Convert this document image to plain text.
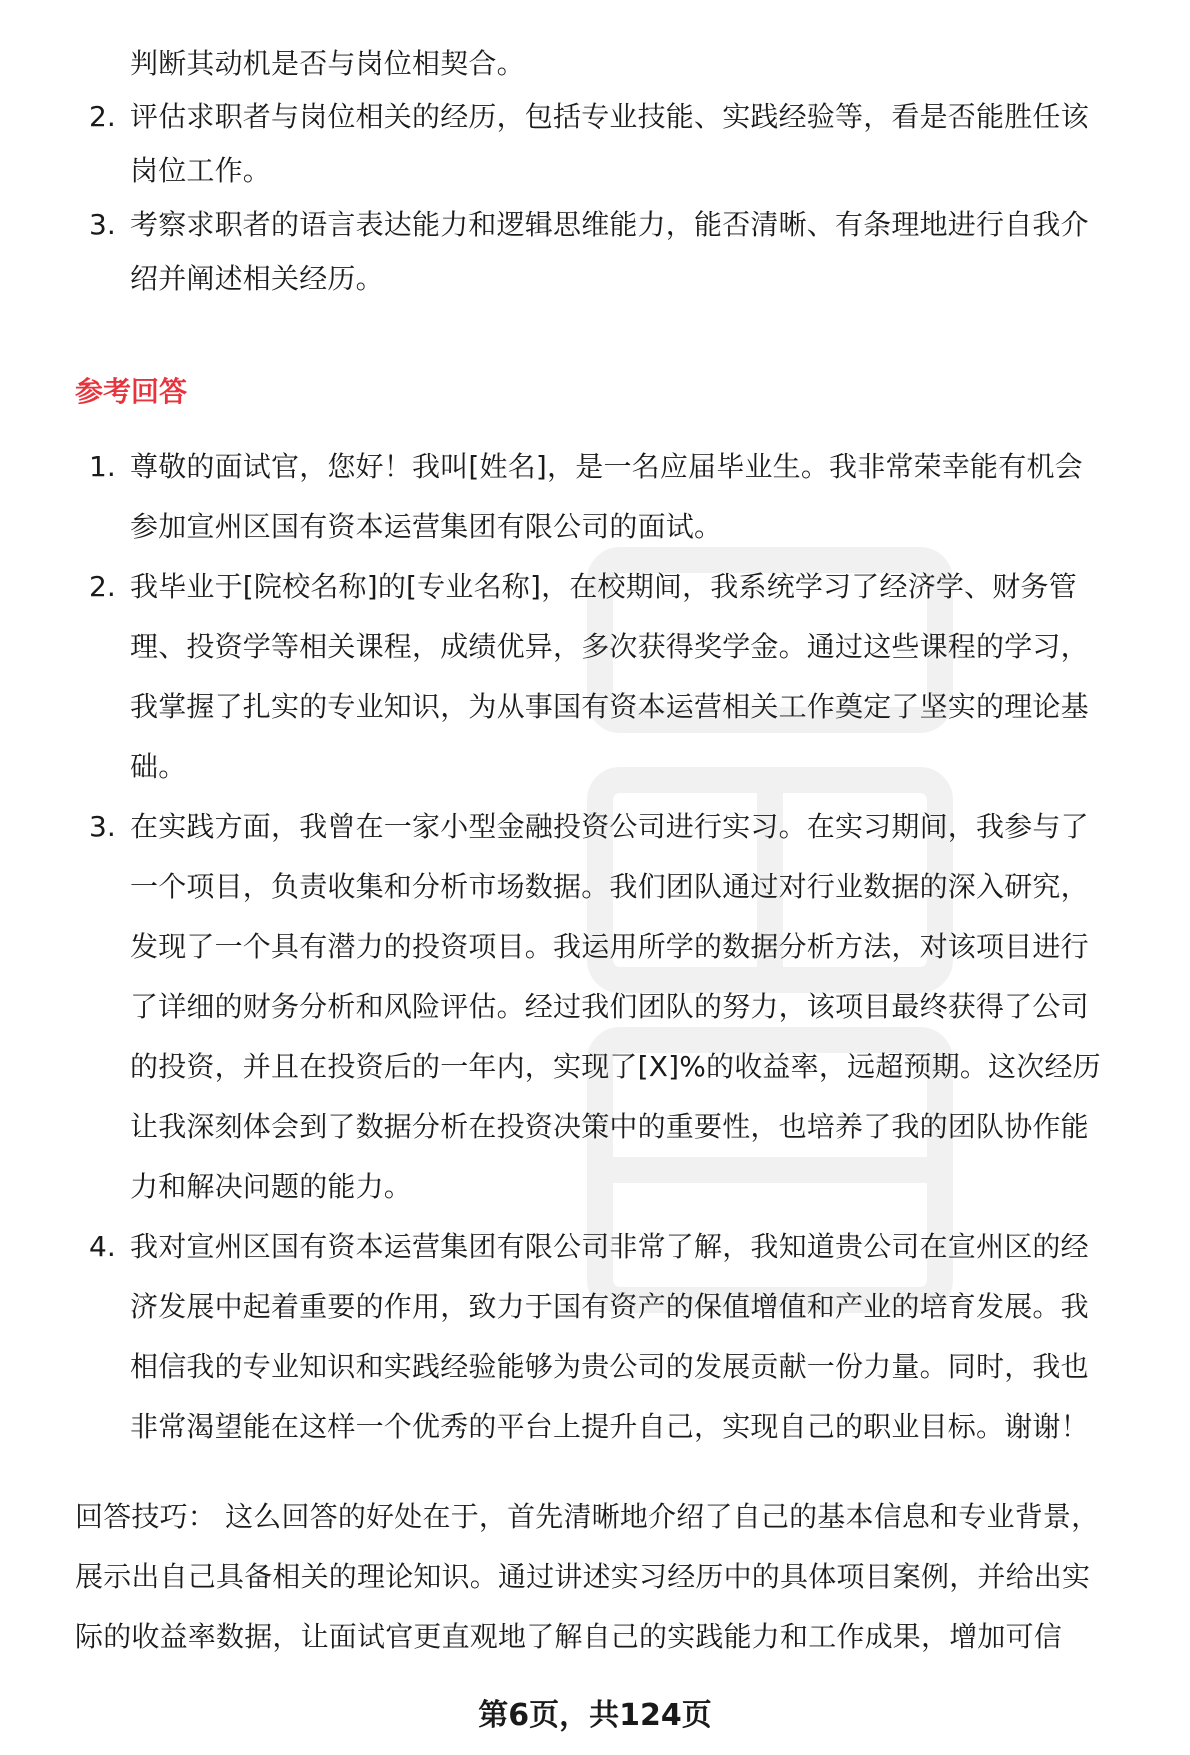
判断其动机是否与岗位相契合。
2. 评估求职者与岗位相关的经历，包括专业技能、实践经验等，看是否能胜任该
岗位工作。
3. 考察求职者的语言表达能力和逻辑思维能力，能否清晰、有条理地进行自我介
绍并阐述相关经历。
参考回答
1. 尊敬的面试官，您好！我叫[姓名]，是一名应届毕业生。我非常荣幸能有机会
参加宣州区国有资本运营集团有限公司的面试。
2. 我毕业于[院校名称]的[专业名称]，在校期间，我系统学习了经济学、财务管
理、投资学等相关课程，成绩优异，多次获得奖学金。通过这些课程的学习，
我掌握了扎实的专业知识，为从事国有资本运营相关工作奠定了坚实的理论基
础。
3. 在实践方面，我曾在一家小型金融投资公司进行实习。在实习期间，我参与了
一个项目，负责收集和分析市场数据。我们团队通过对行业数据的深入研究，
发现了一个具有潜力的投资项目。我运用所学的数据分析方法，对该项目进行
了详细的财务分析和风险评估。经过我们团队的努力，该项目最终获得了公司
的投资，并且在投资后的一年内，实现了[X]%的收益率，远超预期。这次经历
让我深刻体会到了数据分析在投资决策中的重要性，也培养了我的团队协作能
力和解决问题的能力。
4. 我对宣州区国有资本运营集团有限公司非常了解，我知道贵公司在宣州区的经
济发展中起着重要的作用，致力于国有资产的保值增值和产业的培育发展。我
相信我的专业知识和实践经验能够为贵公司的发展贡献一份力量。同时，我也
非常渴望能在这样一个优秀的平台上提升自己，实现自己的职业目标。谢谢！
回答技巧： 这么回答的好处在于，首先清晰地介绍了自己的基本信息和专业背景，
展示出自己具备相关的理论知识。通过讲述实习经历中的具体项目案例，并给出实
际的收益率数据，让面试官更直观地了解自己的实践能力和工作成果，增加可信
第6页，共124页
